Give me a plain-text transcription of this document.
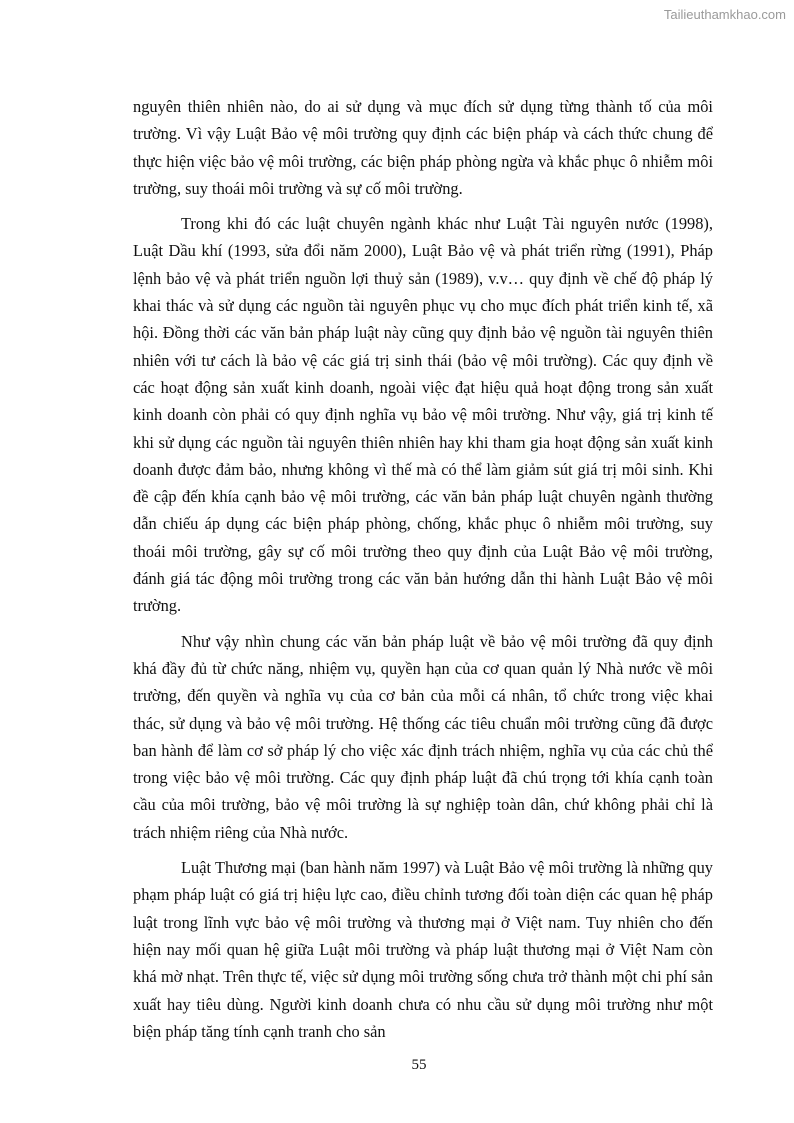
Tailieuthamkhao.com

nguyên thiên nhiên nào, do ai sử dụng và mục đích sử dụng từng thành tố của môi trường. Vì vậy Luật Bảo vệ môi trường quy định các biện pháp và cách thức chung để thực hiện việc bảo vệ môi trường, các biện pháp phòng ngừa và khắc phục ô nhiễm môi trường, suy thoái môi trường và sự cố môi trường.

Trong khi đó các luật chuyên ngành khác như Luật Tài nguyên nước (1998), Luật Dầu khí (1993, sửa đổi năm 2000), Luật Bảo vệ và phát triển rừng (1991), Pháp lệnh bảo vệ và phát triển nguồn lợi thuỷ sản (1989), v.v… quy định về chế độ pháp lý khai thác và sử dụng các nguồn tài nguyên phục vụ cho mục đích phát triển kinh tế, xã hội. Đồng thời các văn bản pháp luật này cũng quy định bảo vệ nguồn tài nguyên thiên nhiên với tư cách là bảo vệ các giá trị sinh thái (bảo vệ môi trường). Các quy định về các hoạt động sản xuất kinh doanh, ngoài việc đạt hiệu quả hoạt động trong sản xuất kinh doanh còn phải có quy định nghĩa vụ bảo vệ môi trường. Như vậy, giá trị kinh tế khi sử dụng các nguồn tài nguyên thiên nhiên hay khi tham gia hoạt động sản xuất kinh doanh được đảm bảo, nhưng không vì thế mà có thể làm giảm sút giá trị môi sinh. Khi đề cập đến khía cạnh bảo vệ môi trường, các văn bản pháp luật chuyên ngành thường dẫn chiếu áp dụng các biện pháp phòng, chống, khắc phục ô nhiễm môi trường, suy thoái môi trường, gây sự cố môi trường theo quy định của Luật Bảo vệ môi trường, đánh giá tác động môi trường trong các văn bản hướng dẫn thi hành Luật Bảo vệ môi trường.

Như vậy nhìn chung các văn bản pháp luật về bảo vệ môi trường đã quy định khá đầy đủ từ chức năng, nhiệm vụ, quyền hạn của cơ quan quản lý Nhà nước về môi trường, đến quyền và nghĩa vụ của cơ bản của mỗi cá nhân, tổ chức trong việc khai thác, sử dụng và bảo vệ môi trường. Hệ thống các tiêu chuẩn môi trường cũng đã được ban hành để làm cơ sở pháp lý cho việc xác định trách nhiệm, nghĩa vụ của các chủ thể trong việc bảo vệ môi trường. Các quy định pháp luật đã chú trọng tới khía cạnh toàn cầu của môi trường, bảo vệ môi trường là sự nghiệp toàn dân, chứ không phải chỉ là trách nhiệm riêng của Nhà nước.

Luật Thương mại (ban hành năm 1997) và Luật Bảo vệ môi trường là những quy phạm pháp luật có giá trị hiệu lực cao, điều chỉnh tương đối toàn diện các quan hệ pháp luật trong lĩnh vực bảo vệ môi trường và thương mại ở Việt nam. Tuy nhiên cho đến hiện nay mối quan hệ giữa Luật môi trường và pháp luật thương mại ở Việt Nam còn khá mờ nhạt. Trên thực tế, việc sử dụng môi trường sống chưa trở thành một chi phí sản xuất hay tiêu dùng. Người kinh doanh chưa có nhu cầu sử dụng môi trường như một biện pháp tăng tính cạnh tranh cho sản

55
